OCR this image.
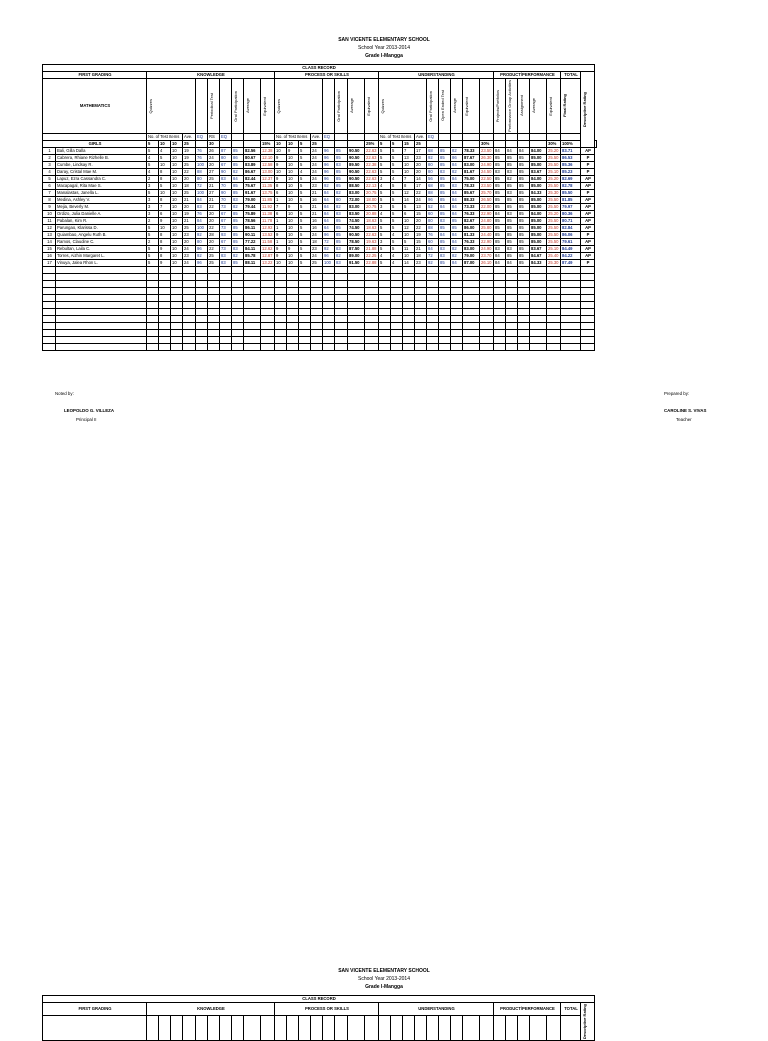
SAN VICENTE ELEMENTARY SCHOOL
School Year 2013-2014
Grade I-Mangga
CLASS RECORD																																				
FIRST GRADING		KNOWLEDGE										PROCESS OR SKILLS								UNDERSTANDING									PRODUCT/PERFORMANCE					TOTAL	Descriptive Rating	

MATHEMATICS		Quizzes					Periodical Test		Oral Participation	Average	Equivalent	Quizzes					Oral Participation	Average	Equivalent	Quizzes				Oral Participation	Open Ended Test	Average	Equivalent		Projects/Portfolios	Performance Group Activities	Assignment	Average	Equivalent	Final Rating		

		No. of Test Items			Ave.	EQ	RS	EQ				No. of Test Items			Ave.	EQ				No. of Test Items			Ave.	EQ												
GIRLS		5	10	10	25		30				15%	10	10	5	25				25%	5	5	15	25					30%					30%	100%		
1	Bali, Gilla Dalla	5	4	10	19	76	26	87	85	82.56	12.38	10	9	5	24	96	85	90.50	22.63	5	5	7	17	68	85	82	78.33	23.50	84	84	84	84.00	25.20	83.71	AP	
2	Cabrera, Rhiane Rizhelle B.	4	5	10	19	76	24	80	86	80.67	12.10	9	10	5	24	96	85	90.50	22.63	5	5	13	23	92	85	86	87.67	26.30	85	85	85	85.00	25.50	86.53	P	
3	Cumbe, Lindsay R.	5	10	10	25	100	20	67	85	83.89	12.58	9	10	5	24	96	83	89.50	22.38	5	5	10	20	80	85	84	83.00	24.90	85	85	85	85.00	25.50	85.36	P	
4	Daray, Cristal Mae M.	4	8	10	22	88	27	90	82	86.67	13.00	10	10	4	24	96	85	90.50	22.63	5	5	10	20	80	83	82	81.67	24.50	83	83	85	83.67	25.10	85.23	P	
5	Lapuz, Ezra Cassandra C.	2	8	10	20	80	25	83	84	82.44	12.37	9	10	5	24	96	85	90.50	22.63	3	4	7	14	56	85	84	75.00	22.50	85	82	85	84.00	25.20	82.69	AP	
6	Macapagal, Rita Mae S.	3	5	10	18	72	21	70	85	75.67	11.35	8	10	5	23	92	85	88.50	22.13	4	5	8	17	68	85	83	78.33	23.50	85	85	85	85.00	25.50	82.78	AP	
7	Manalastas, Janella L.	5	10	10	25	100	27	90	85	91.67	13.75	6	10	5	21	84	82	83.00	20.75	5	5	12	22	88	85	84	85.67	25.70	85	83	85	84.33	25.30	85.50	P	
8	Medina, Ashley V.	3	8	10	21	84	21	70	83	79.00	11.85	1	10	5	16	64	80	72.00	18.00	5	5	14	24	96	85	84	88.33	26.50	85	85	85	85.00	25.50	81.85	AP	
9	Mejia, Beverly M.	3	7	10	20	83	22	73	82	79.44	11.92	7	9	5	21	84	82	83.00	20.75	3	5	5	13	52	84	84	73.33	22.00	85	85	85	85.00	25.50	79.97	AP	
10	Ordizo, Julia Danielle A.	3	6	10	19	76	20	67	85	75.89	11.38	6	10	5	21	84	83	83.50	20.88	4	5	6	15	60	85	84	76.33	22.90	84	83	85	84.00	25.20	80.36	AP	
11	Pabalan, Kim R.	2	9	10	21	84	20	67	85	78.56	11.78	1	10	5	16	64	85	74.50	18.63	5	5	10	20	80	83	85	82.67	24.80	85	85	85	85.00	25.50	80.71	AP	
12	Parungao, Klarissa D.	5	10	10	25	100	22	73	85	86.11	12.92	1	10	5	16	64	85	74.50	18.63	5	5	12	22	88	85	85	86.00	25.80	85	85	85	85.00	25.50	82.84	AP	
13	Quiambao, Angelu Ruth B.	5	8	10	23	92	28	93	85	90.11	13.52	9	10	5	24	96	85	90.50	22.63	5	4	10	19	76	84	84	81.33	24.40	85	85	85	85.00	25.50	86.06	P	
14	Ramos, Claudine C.	2	8	10	20	80	20	67	85	77.22	11.58	1	10	5	18	72	85	78.50	19.63	3	5	5	15	60	85	84	76.33	22.90	85	85	85	85.00	25.50	79.61	AP	
15	Rebultan, Laila C.	5	9	10	24	96	22	73	83	84.11	12.62	9	9	5	23	92	83	87.50	21.88	5	5	11	21	84	83	82	83.00	24.90	83	83	85	83.67	25.10	84.49	AP	
16	Torres, Aizhin Margaret L.	5	8	10	23	92	25	83	82	85.78	12.87	9	10	5	24	96	82	89.00	22.25	4	4	10	18	72	83	82	79.00	23.70	84	85	85	84.67	25.40	84.22	AP	
17	Vinuya, Jalea Rhon L.	5	9	10	24	96	25	83	85	88.11	13.22	10	10	5	25	100	83	91.50	22.88	5	4	14	23	92	85	84	87.00	26.10	84	84	85	84.33	25.30	87.49	P	

Noted by:	Prepared by:
LEOPOLDO G. VILLEZA
Principal II
CAROLINE S. VIVAS
Teacher
SAN VICENTE ELEMENTARY SCHOOL
School Year 2013-2014
Grade I-Mangga
CLASS RECORD																																		
FIRST GRADING	KNOWLEDGE										PROCESS OR SKILLS								UNDERSTANDING									PRODUCT/PERFORMANCE					TOTAL	Descriptive Rating
